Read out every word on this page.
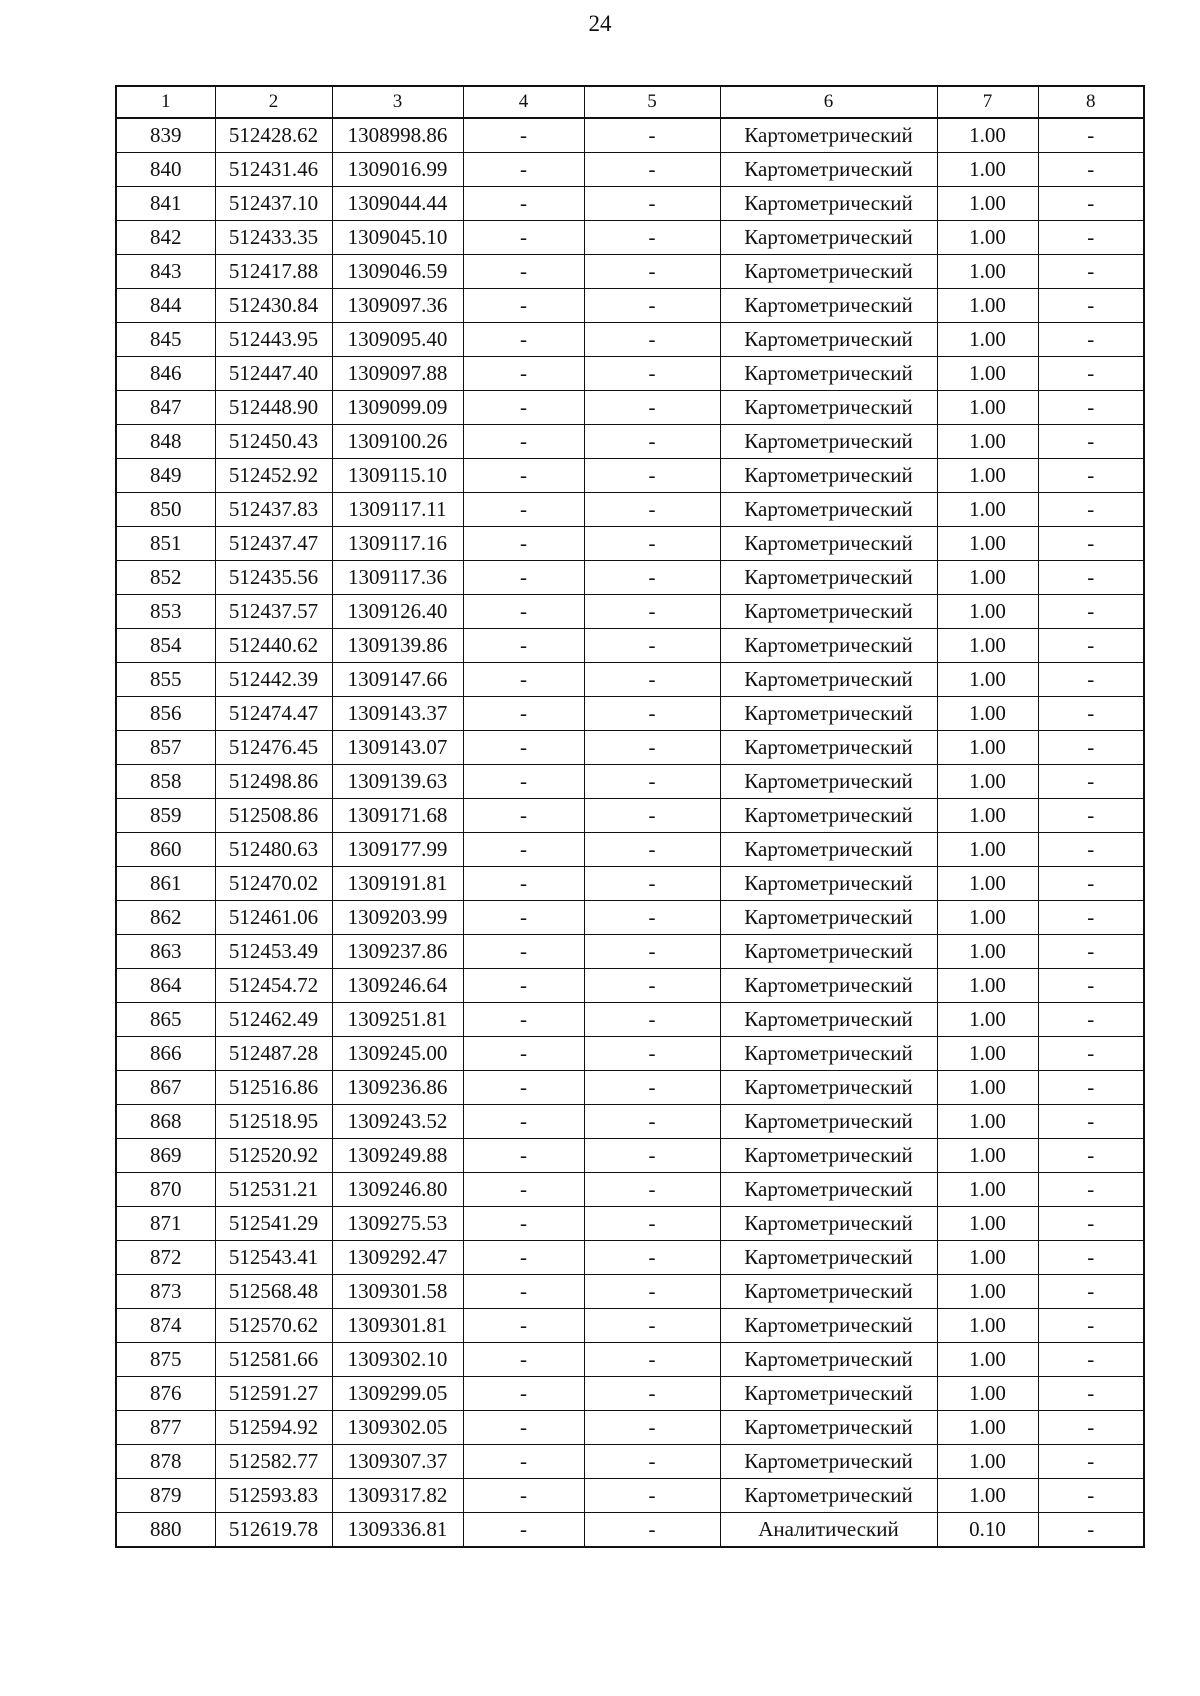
24
1	2	3	4	5	6	7	8
839	512428.62	1308998.86	-	-	Картометрический	1.00	-
840	512431.46	1309016.99	-	-	Картометрический	1.00	-
841	512437.10	1309044.44	-	-	Картометрический	1.00	-
842	512433.35	1309045.10	-	-	Картометрический	1.00	-
843	512417.88	1309046.59	-	-	Картометрический	1.00	-
844	512430.84	1309097.36	-	-	Картометрический	1.00	-
845	512443.95	1309095.40	-	-	Картометрический	1.00	-
846	512447.40	1309097.88	-	-	Картометрический	1.00	-
847	512448.90	1309099.09	-	-	Картометрический	1.00	-
848	512450.43	1309100.26	-	-	Картометрический	1.00	-
849	512452.92	1309115.10	-	-	Картометрический	1.00	-
850	512437.83	1309117.11	-	-	Картометрический	1.00	-
851	512437.47	1309117.16	-	-	Картометрический	1.00	-
852	512435.56	1309117.36	-	-	Картометрический	1.00	-
853	512437.57	1309126.40	-	-	Картометрический	1.00	-
854	512440.62	1309139.86	-	-	Картометрический	1.00	-
855	512442.39	1309147.66	-	-	Картометрический	1.00	-
856	512474.47	1309143.37	-	-	Картометрический	1.00	-
857	512476.45	1309143.07	-	-	Картометрический	1.00	-
858	512498.86	1309139.63	-	-	Картометрический	1.00	-
859	512508.86	1309171.68	-	-	Картометрический	1.00	-
860	512480.63	1309177.99	-	-	Картометрический	1.00	-
861	512470.02	1309191.81	-	-	Картометрический	1.00	-
862	512461.06	1309203.99	-	-	Картометрический	1.00	-
863	512453.49	1309237.86	-	-	Картометрический	1.00	-
864	512454.72	1309246.64	-	-	Картометрический	1.00	-
865	512462.49	1309251.81	-	-	Картометрический	1.00	-
866	512487.28	1309245.00	-	-	Картометрический	1.00	-
867	512516.86	1309236.86	-	-	Картометрический	1.00	-
868	512518.95	1309243.52	-	-	Картометрический	1.00	-
869	512520.92	1309249.88	-	-	Картометрический	1.00	-
870	512531.21	1309246.80	-	-	Картометрический	1.00	-
871	512541.29	1309275.53	-	-	Картометрический	1.00	-
872	512543.41	1309292.47	-	-	Картометрический	1.00	-
873	512568.48	1309301.58	-	-	Картометрический	1.00	-
874	512570.62	1309301.81	-	-	Картометрический	1.00	-
875	512581.66	1309302.10	-	-	Картометрический	1.00	-
876	512591.27	1309299.05	-	-	Картометрический	1.00	-
877	512594.92	1309302.05	-	-	Картометрический	1.00	-
878	512582.77	1309307.37	-	-	Картометрический	1.00	-
879	512593.83	1309317.82	-	-	Картометрический	1.00	-
880	512619.78	1309336.81	-	-	Аналитический	0.10	-
